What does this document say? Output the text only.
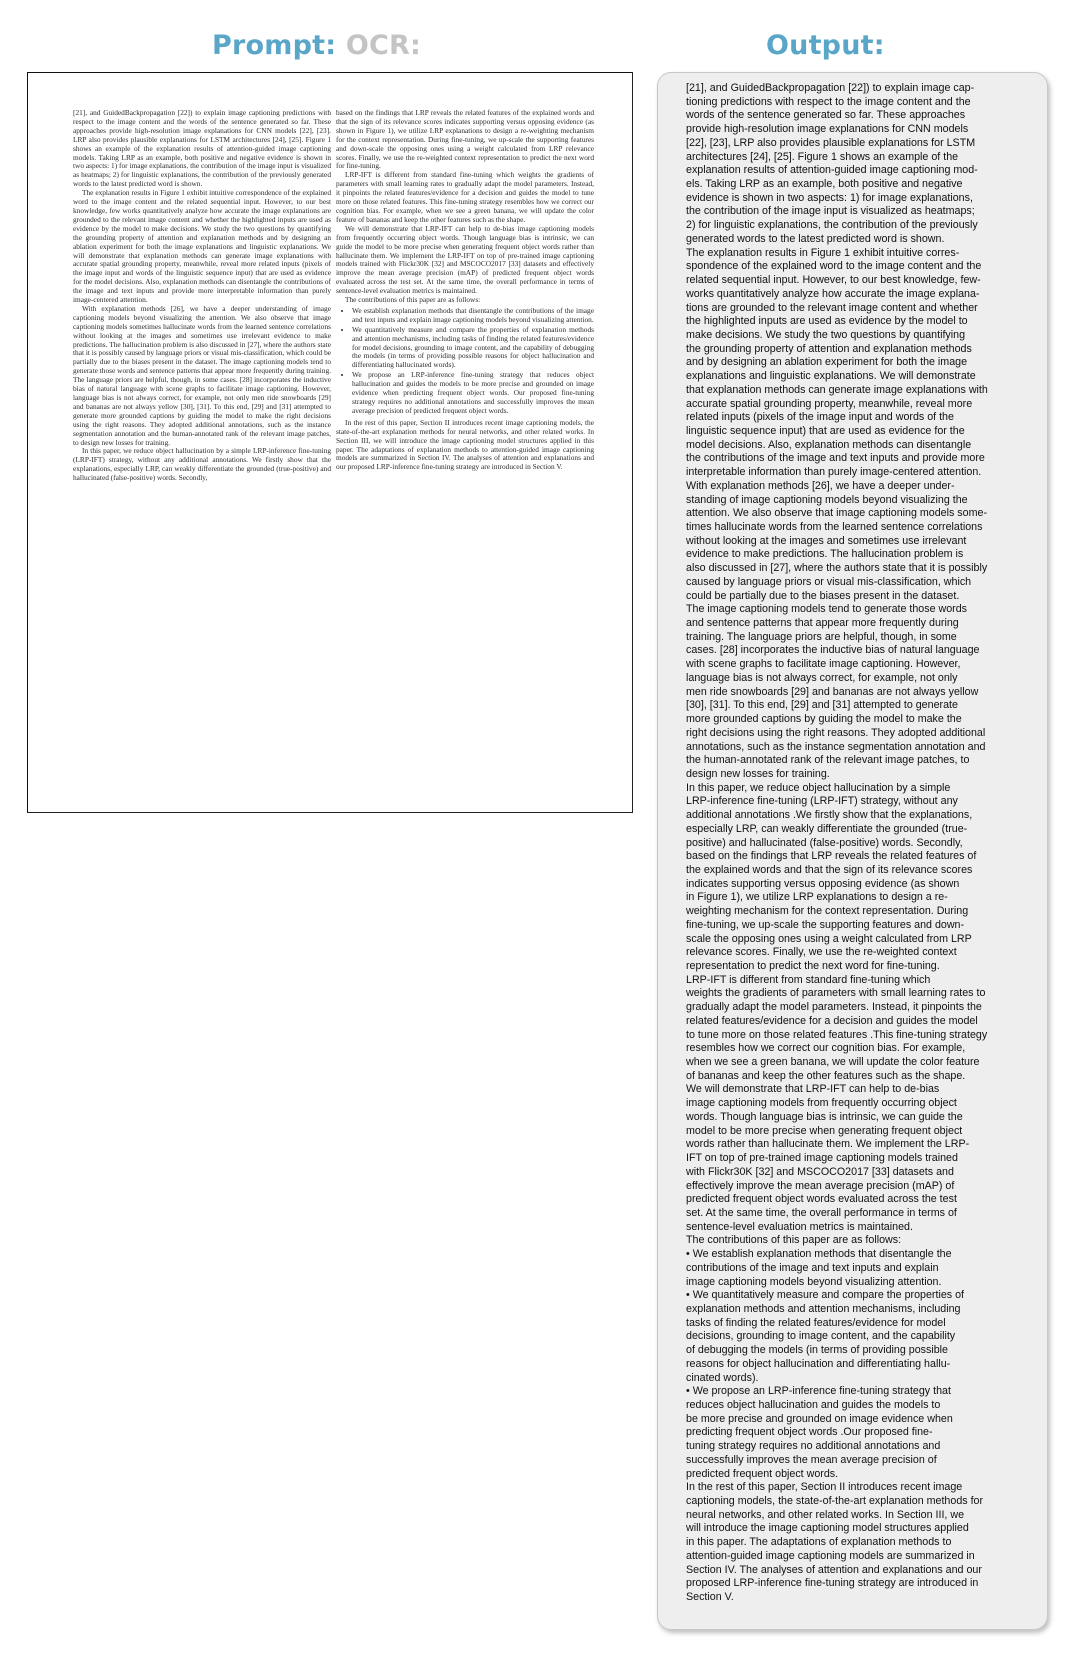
Prompt: OCR:	Output:

[21], and GuidedBackpropagation [22]) to explain image captioning predictions with respect to the image content and the words of the sentence generated so far. These approaches provide high-resolution image explanations for CNN models [22], [23]. LRP also provides plausible explanations for LSTM architectures [24], [25]. Figure 1 shows an example of the explanation results of attention-guided image captioning models. Taking LRP as an example, both positive and negative evidence is shown in two aspects: 1) for image explanations, the contribution of the image input is visualized as heatmaps; 2) for linguistic explanations, the contribution of the previously generated words to the latest predicted word is shown.

The explanation results in Figure 1 exhibit intuitive correspondence of the explained word to the image content and the related sequential input. However, to our best knowledge, few works quantitatively analyze how accurate the image explanations are grounded to the relevant image content and whether the highlighted inputs are used as evidence by the model to make decisions. We study the two questions by quantifying the grounding property of attention and explanation methods and by designing an ablation experiment for both the image explanations and linguistic explanations. We will demonstrate that explanation methods can generate image explanations with accurate spatial grounding property, meanwhile, reveal more related inputs (pixels of the image input and words of the linguistic sequence input) that are used as evidence for the model decisions. Also, explanation methods can disentangle the contributions of the image and text inputs and provide more interpretable information than purely image-centered attention.

With explanation methods [26], we have a deeper understanding of image captioning models beyond visualizing the attention. We also observe that image captioning models sometimes hallucinate words from the learned sentence correlations without looking at the images and sometimes use irrelevant evidence to make predictions. The hallucination problem is also discussed in [27], where the authors state that it is possibly caused by language priors or visual mis-classification, which could be partially due to the biases present in the dataset. The image captioning models tend to generate those words and sentence patterns that appear more frequently during training. The language priors are helpful, though, in some cases. [28] incorporates the inductive bias of natural language with scene graphs to facilitate image captioning. However, language bias is not always correct, for example, not only men ride snowboards [29] and bananas are not always yellow [30], [31]. To this end, [29] and [31] attempted to generate more grounded captions by guiding the model to make the right decisions using the right reasons. They adopted additional annotations, such as the instance segmentation annotation and the human-annotated rank of the relevant image patches, to design new losses for training.

In this paper, we reduce object hallucination by a simple LRP-inference fine-tuning (LRP-IFT) strategy, without any additional annotations. We firstly show that the explanations, especially LRP, can weakly differentiate the grounded (true-positive) and hallucinated (false-positive) words. Secondly,

based on the findings that LRP reveals the related features of the explained words and that the sign of its relevance scores indicates supporting versus opposing evidence (as shown in Figure 1), we utilize LRP explanations to design a re-weighting mechanism for the context representation. During fine-tuning, we up-scale the supporting features and down-scale the opposing ones using a weight calculated from LRP relevance scores. Finally, we use the re-weighted context representation to predict the next word for fine-tuning.

LRP-IFT is different from standard fine-tuning which weights the gradients of parameters with small learning rates to gradually adapt the model parameters. Instead, it pinpoints the related features/evidence for a decision and guides the model to tune more on those related features. This fine-tuning strategy resembles how we correct our cognition bias. For example, when we see a green banana, we will update the color feature of bananas and keep the other features such as the shape.

We will demonstrate that LRP-IFT can help to de-bias image captioning models from frequently occurring object words. Though language bias is intrinsic, we can guide the model to be more precise when generating frequent object words rather than hallucinate them. We implement the LRP-IFT on top of pre-trained image captioning models trained with Flickr30K [32] and MSCOCO2017 [33] datasets and effectively improve the mean average precision (mAP) of predicted frequent object words evaluated across the test set. At the same time, the overall performance in terms of sentence-level evaluation metrics is maintained.

The contributions of this paper are as follows:

• We establish explanation methods that disentangle the contributions of the image and text inputs and explain image captioning models beyond visualizing attention.
• We quantitatively measure and compare the properties of explanation methods and attention mechanisms, including tasks of finding the related features/evidence for model decisions, grounding to image content, and the capability of debugging the models (in terms of providing possible reasons for object hallucination and differentiating hallucinated words).
• We propose an LRP-inference fine-tuning strategy that reduces object hallucination and guides the models to be more precise and grounded on image evidence when predicting frequent object words. Our proposed fine-tuning strategy requires no additional annotations and successfully improves the mean average precision of predicted frequent object words.

In the rest of this paper, Section II introduces recent image captioning models, the state-of-the-art explanation methods for neural networks, and other related works. In Section III, we will introduce the image captioning model structures applied in this paper. The adaptations of explanation methods to attention-guided image captioning models are summarized in Section IV. The analyses of attention and explanations and our proposed LRP-inference fine-tuning strategy are introduced in Section V.

[21], and GuidedBackpropagation [22]) to explain image cap-
tioning predictions with respect to the image content and the
words of the sentence generated so far. These approaches
provide high-resolution image explanations for CNN models
[22], [23], LRP also provides plausible explanations for LSTM
architectures [24], [25]. Figure 1 shows an example of the
explanation results of attention-guided image captioning mod-
els. Taking LRP as an example, both positive and negative
evidence is shown in two aspects: 1) for image explanations,
the contribution of the image input is visualized as heatmaps;
2) for linguistic explanations, the contribution of the previously
generated words to the latest predicted word is shown.
The explanation results in Figure 1 exhibit intuitive corres-
spondence of the explained word to the image content and the
related sequential input. However, to our best knowledge, few-
works quantitatively analyze how accurate the image explana-
tions are grounded to the relevant image content and whether
the highlighted inputs are used as evidence by the model to
make decisions. We study the two questions by quantifying
the grounding property of attention and explanation methods
and by designing an ablation experiment for both the image
explanations and linguistic explanations. We will demonstrate
that explanation methods can generate image explanations with
accurate spatial grounding property, meanwhile, reveal more
related inputs (pixels of the image input and words of the
linguistic sequence input) that are used as evidence for the
model decisions. Also, explanation methods can disentangle
the contributions of the image and text inputs and provide more
interpretable information than purely image-centered attention.
With explanation methods [26], we have a deeper under-
standing of image captioning models beyond visualizing the
attention. We also observe that image captioning models some-
times hallucinate words from the learned sentence correlations
without looking at the images and sometimes use irrelevant
evidence to make predictions. The hallucination problem is
also discussed in [27], where the authors state that it is possibly
caused by language priors or visual mis-classiﬁcation, which
could be partially due to the biases present in the dataset.
The image captioning models tend to generate those words
and sentence patterns that appear more frequently during
training. The language priors are helpful, though, in some
cases. [28] incorporates the inductive bias of natural language
with scene graphs to facilitate image captioning. However,
language bias is not always correct, for example, not only
men ride snowboards [29] and bananas are not always yellow
[30], [31]. To this end, [29] and [31] attempted to generate
more grounded captions by guiding the model to make the
right decisions using the right reasons. They adopted additional
annotations, such as the instance segmentation annotation and
the human-annotated rank of the relevant image patches, to
design new losses for training.
In this paper, we reduce object hallucination by a simple
LRP-inference ﬁne-tuning (LRP-IFT) strategy, without any
additional annotations .We ﬁrstly show that the explanations,
especially LRP, can weakly differentiate the grounded (true-
positive) and hallucinated (false-positive) words. Secondly,
based on the ﬁndings that LRP reveals the related features of
the explained words and that the sign of its relevance scores
indicates supporting versus opposing evidence (as shown
in Figure 1), we utilize LRP explanations to design a re-
weighting mechanism for the context representation. During
ﬁne-tuning, we up-scale the supporting features and down-
scale the opposing ones using a weight calculated from LRP
relevance scores. Finally, we use the re-weighted context
representation to predict the next word for ﬁne-tuning.
LRP-IFT is different from standard ﬁne-tuning which
weights the gradients of parameters with small learning rates to
gradually adapt the model parameters. Instead, it pinpoints the
related features/evidence for a decision and guides the model
to tune more on those related features .This ﬁne-tuning strategy
resembles how we correct our cognition bias. For example,
when we see a green banana, we will update the color feature
of bananas and keep the other features such as the shape.
We will demonstrate that LRP-IFT can help to de-bias
image captioning models from frequently occurring object
words. Though language bias is intrinsic, we can guide the
model to be more precise when generating frequent object
words rather than hallucinate them. We implement the LRP-
IFT on top of pre-trained image captioning models trained
with Flickr30K [32] and MSCOCO2017 [33] datasets and
effectively improve the mean average precision (mAP) of
predicted frequent object words evaluated across the test
set. At the same time, the overall performance in terms of
sentence-level evaluation metrics is maintained.
The contributions of this paper are as follows:
• We establish explanation methods that disentangle the
contributions of the image and text inputs and explain
image captioning models beyond visualizing attention.
• We quantitatively measure and compare the properties of
explanation methods and attention mechanisms, including
tasks of ﬁnding the related features/evidence for model
decisions, grounding to image content, and the capability
of debugging the models (in terms of providing possible
reasons for object hallucination and differentiating hallu-
cinated words).
• We propose an LRP-inference ﬁne-tuning strategy that
reduces object hallucination and guides the models to
be more precise and grounded on image evidence when
predicting frequent object words .Our proposed ﬁne-
tuning strategy requires no additional annotations and
successfully improves the mean average precision of
predicted frequent object words.
In the rest of this paper, Section II introduces recent image
captioning models, the state-of-the-art explanation methods for
neural networks, and other related works. In Section III, we
will introduce the image captioning model structures applied
in this paper. The adaptations of explanation methods to
attention-guided image captioning models are summarized in
Section IV. The analyses of attention and explanations and our
proposed LRP-inference ﬁne-tuning strategy are introduced in
Section V.
